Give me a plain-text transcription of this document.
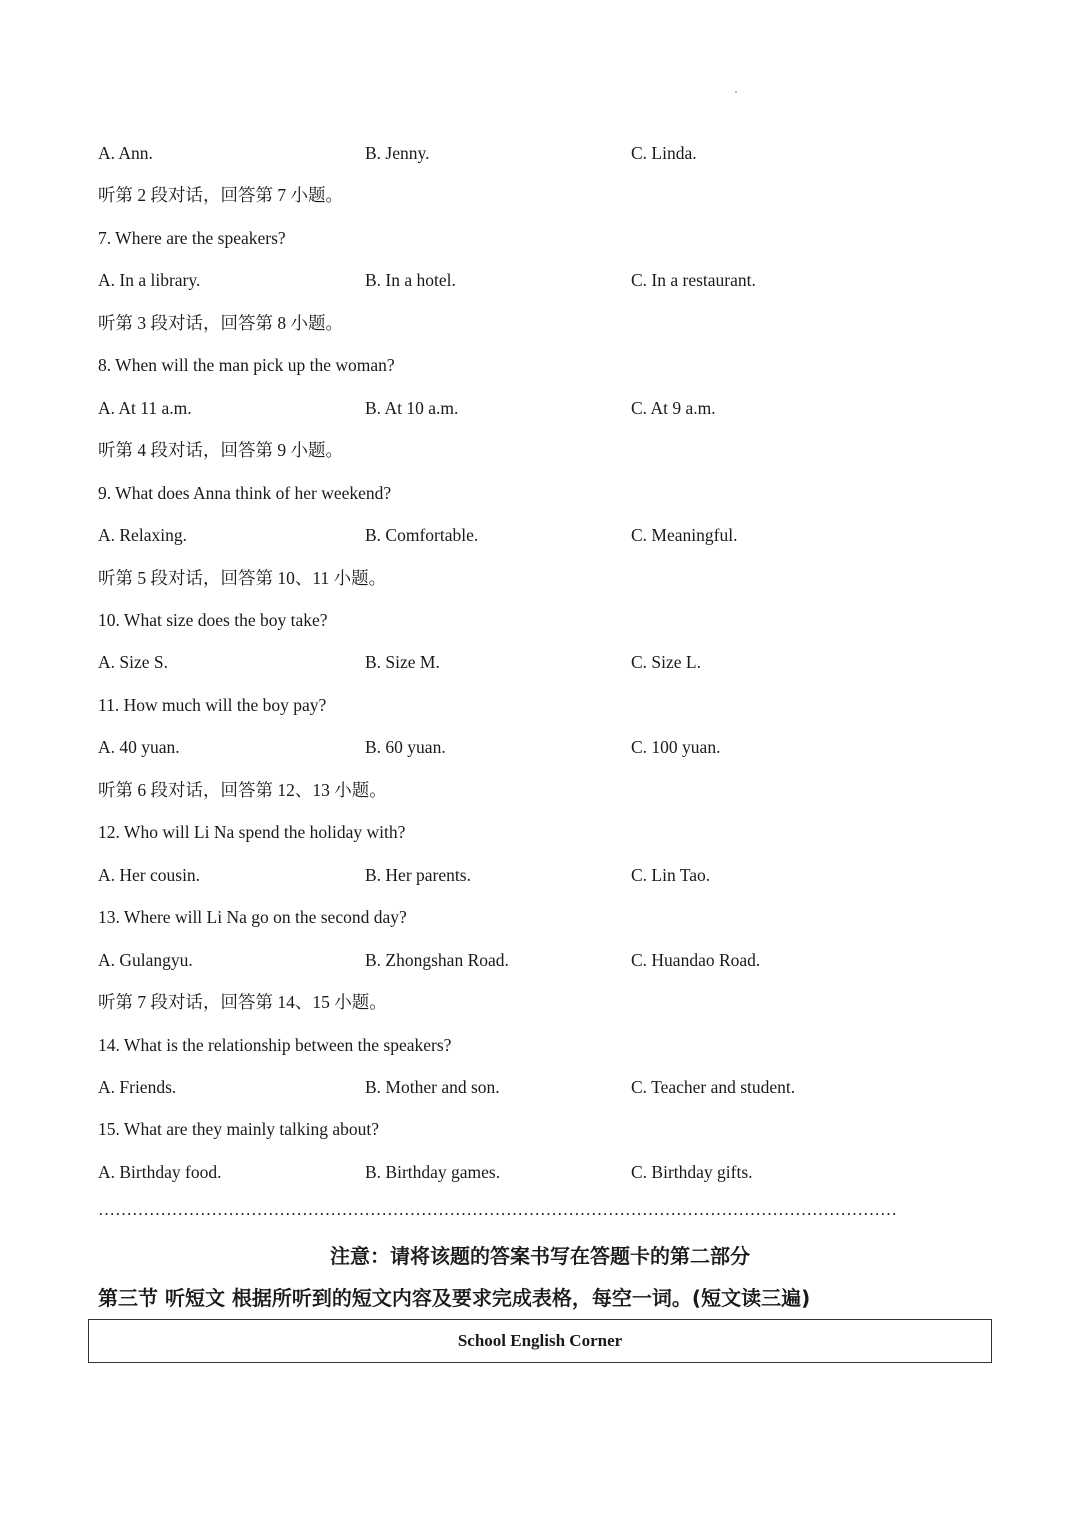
A. Ann.	B. Jenny.	C. Linda.
听第 2 段对话，回答第 7 小题。
7. Where are the speakers?
A. In a library.	B. In a hotel.	C. In a restaurant.
听第 3 段对话，回答第 8 小题。
8. When will the man pick up the woman?
A. At 11 a.m.	B. At 10 a.m.	C. At 9 a.m.
听第 4 段对话，回答第 9 小题。
9. What does Anna think of her weekend?
A. Relaxing.	B. Comfortable.	C. Meaningful.
听第 5 段对话，回答第 10、11 小题。
10. What size does the boy take?
A. Size S.	B. Size M.	C. Size L.
11. How much will the boy pay?
A. 40 yuan.	B. 60 yuan.	C. 100 yuan.
听第 6 段对话，回答第 12、13 小题。
12. Who will Li Na spend the holiday with?
A. Her cousin.	B. Her parents.	C. Lin Tao.
13. Where will Li Na go on the second day?
A. Gulangyu.	B. Zhongshan Road.	C. Huandao Road.
听第 7 段对话，回答第 14、15 小题。
14. What is the relationship between the speakers?
A. Friends.	B. Mother and son.	C. Teacher and student.
15. What are they mainly talking about?
A. Birthday food.	B. Birthday games.	C. Birthday gifts.
……………………………………………………………………………………………………………………………
注意：请将该题的答案书写在答题卡的第二部分
第三节 听短文 根据所听到的短文内容及要求完成表格，每空一词。(短文读三遍)
School English Corner
